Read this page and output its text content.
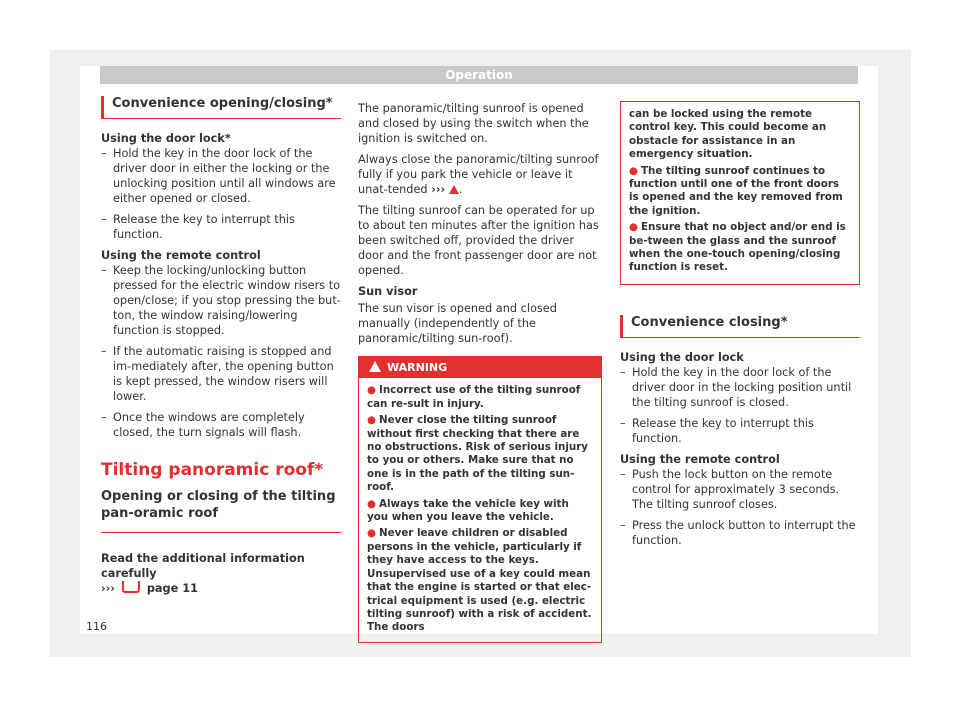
Operation
Convenience opening/closing*

Using the door lock*

– Hold the key in the door lock of the driver door in either the locking or the unlocking position until all windows are either opened or closed.
– Release the key to interrupt this function.

Using the remote control

– Keep the locking/unlocking button pressed for the electric window risers to open/close; if you stop pressing the but-ton, the window raising/lowering function is stopped.
– If the automatic raising is stopped and im-mediately after, the opening button is kept pressed, the window risers will lower.
– Once the windows are completely closed, the turn signals will flash.
Tilting panoramic roof*
Opening or closing of the tilting pan-oramic roof

Read the additional information carefully

›››	page 11

The panoramic/tilting sunroof is opened and closed by using the switch when the ignition is switched on.

Always close the panoramic/tilting sunroof fully if you park the vehicle or leave it unat-tended ››› .

The tilting sunroof can be operated for up to about ten minutes after the ignition has been switched off, provided the driver door and the front passenger door are not opened.

Sun visor

The sun visor is opened and closed manually (independently of the panoramic/tilting sun-roof).

WARNING
● Incorrect use of the tilting sunroof can re-sult in injury.
● Never close the tilting sunroof without first checking that there are no obstructions. Risk of serious injury to you or others. Make sure that no one is in the path of the tilting sun-roof.
● Always take the vehicle key with you when you leave the vehicle.
● Never leave children or disabled persons in the vehicle, particularly if they have access to the keys. Unsupervised use of a key could mean that the engine is started or that elec-trical equipment is used (e.g. electric tilting sunroof) with a risk of accident. The doors
can be locked using the remote control key. This could become an obstacle for assistance in an emergency situation.
● The tilting sunroof continues to function until one of the front doors is opened and the key removed from the ignition.
● Ensure that no object and/or end is be-tween the glass and the sunroof when the one-touch opening/closing function is reset.
Convenience closing*

Using the door lock

– Hold the key in the door lock of the driver door in the locking position until the tilting sunroof is closed.
– Release the key to interrupt this function.

Using the remote control

– Push the lock button on the remote control for approximately 3 seconds. The tilting sunroof closes.
– Press the unlock button to interrupt the function.
116
